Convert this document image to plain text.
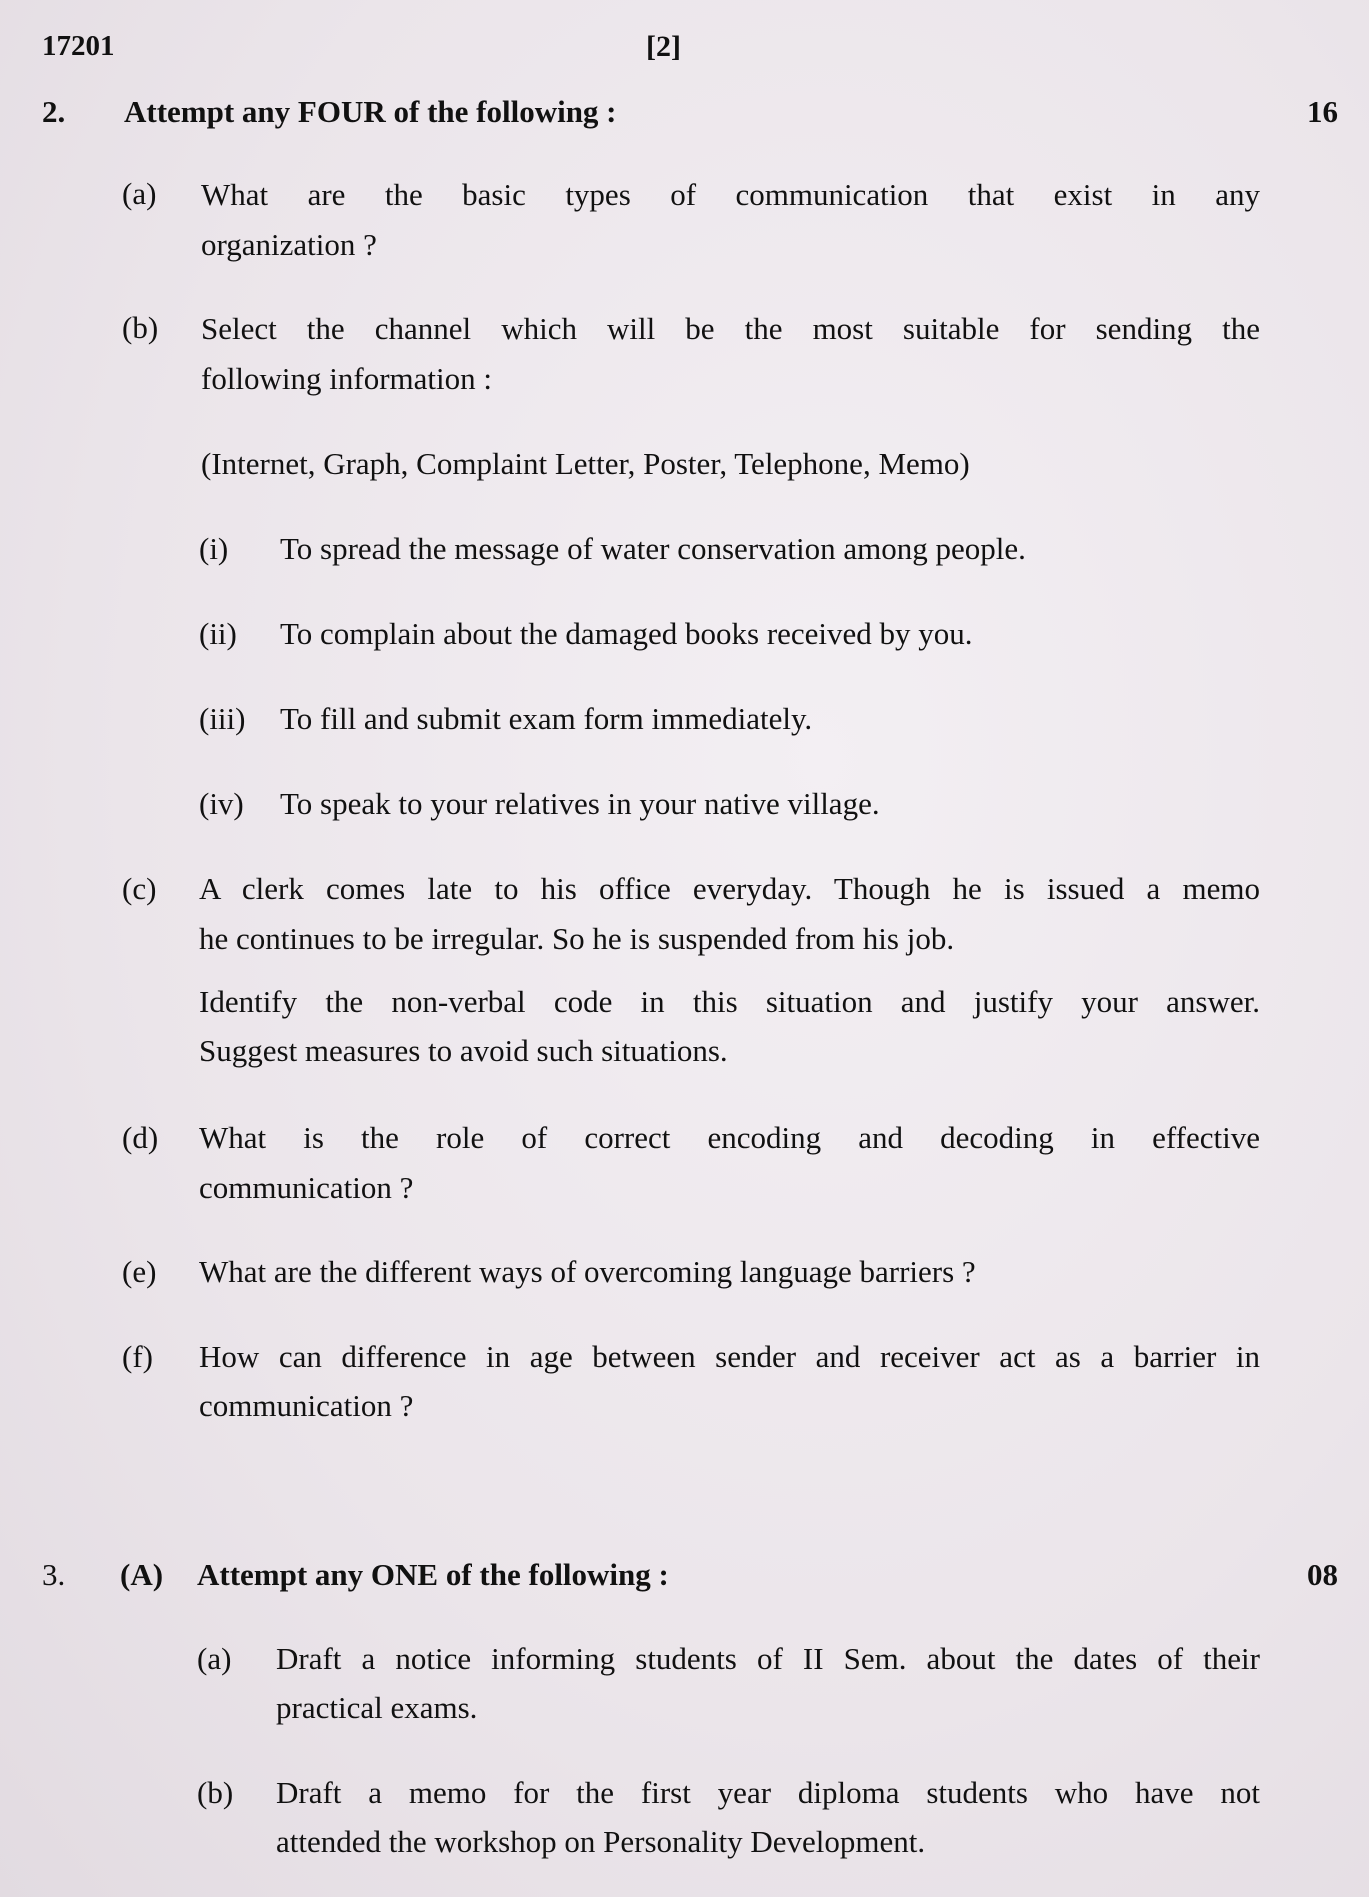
17201	[2]
2. Attempt any FOUR of the following :	16
(a) What are the basic types of communication that exist in any
organization ?
(b) Select the channel which will be the most suitable for sending the
following information :
(Internet, Graph, Complaint Letter, Poster, Telephone, Memo)
(i) To spread the message of water conservation among people.
(ii) To complain about the damaged books received by you.
(iii) To fill and submit exam form immediately.
(iv) To speak to your relatives in your native village.
(c) A clerk comes late to his office everyday. Though he is issued a memo
he continues to be irregular. So he is suspended from his job.
Identify the non-verbal code in this situation and justify your answer.
Suggest measures to avoid such situations.
(d) What is the role of correct encoding and decoding in effective
communication ?
(e) What are the different ways of overcoming language barriers ?
(f) How can difference in age between sender and receiver act as a barrier in
communication ?
3. (A) Attempt any ONE of the following :	08
(a) Draft a notice informing students of II Sem. about the dates of their
practical exams.
(b) Draft a memo for the first year diploma students who have not
attended the workshop on Personality Development.
